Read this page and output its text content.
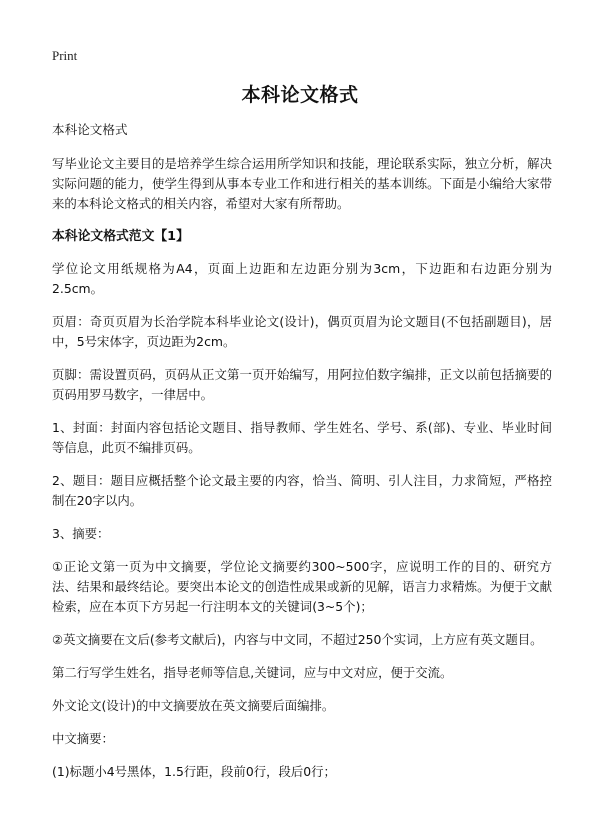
Print
本科论文格式

本科论文格式

写毕业论文主要目的是培养学生综合运用所学知识和技能，理论联系实际，独立分析，解决实际问题的能力，使学生得到从事本专业工作和进行相关的基本训练。下面是小编给大家带来的本科论文格式的相关内容，希望对大家有所帮助。

本科论文格式范文【1】

学位论文用纸规格为A4，页面上边距和左边距分别为3cm，下边距和右边距分别为2.5cm。

页眉：奇页页眉为长治学院本科毕业论文(设计)，偶页页眉为论文题目(不包括副题目)，居中，5号宋体字，页边距为2cm。

页脚：需设置页码，页码从正文第一页开始编写，用阿拉伯数字编排，正文以前包括摘要的页码用罗马数字，一律居中。

1、封面：封面内容包括论文题目、指导教师、学生姓名、学号、系(部)、专业、毕业时间等信息，此页不编排页码。

2、题目：题目应概括整个论文最主要的内容，恰当、简明、引人注目，力求简短，严格控制在20字以内。

3、摘要：

①正论文第一页为中文摘要，学位论文摘要约300~500字，应说明工作的目的、研究方法、结果和最终结论。要突出本论文的创造性成果或新的见解，语言力求精炼。为便于文献检索，应在本页下方另起一行注明本文的关键词(3~5个)；

②英文摘要在文后(参考文献后)，内容与中文同，不超过250个实词，上方应有英文题目。

第二行写学生姓名，指导老师等信息,关键词，应与中文对应，便于交流。

外文论文(设计)的中文摘要放在英文摘要后面编排。

中文摘要：

(1)标题小4号黑体，1.5行距，段前0行，段后0行；
